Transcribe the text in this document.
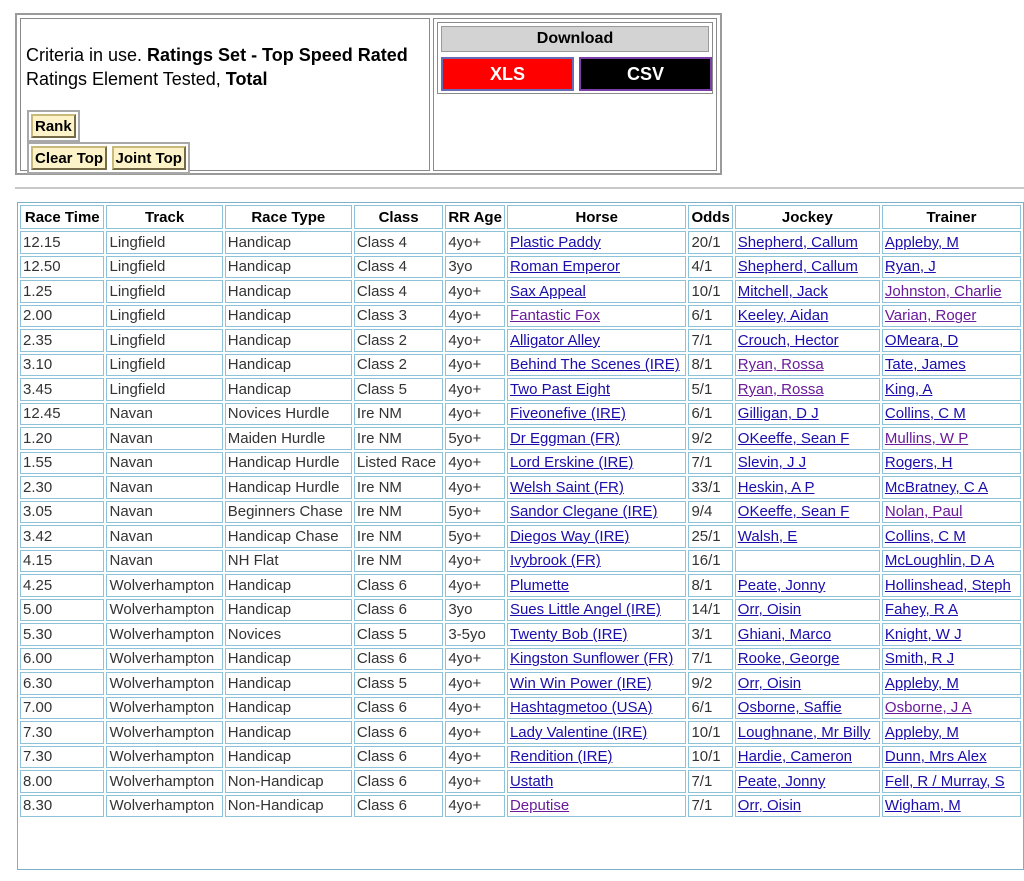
Criteria in use. Ratings Set - Top Speed Rated
Ratings Element Tested, Total
Rank
Clear Top Joint Top
Download
XLS	CSV
Race Time	Track	Race Type	Class	RR Age	Horse	Odds	Jockey	Trainer
12.15	Lingfield	Handicap	Class 4	4yo+	Plastic Paddy	20/1	Shepherd, Callum	Appleby, M
12.50	Lingfield	Handicap	Class 4	3yo	Roman Emperor	4/1	Shepherd, Callum	Ryan, J
1.25	Lingfield	Handicap	Class 4	4yo+	Sax Appeal	10/1	Mitchell, Jack	Johnston, Charlie
2.00	Lingfield	Handicap	Class 3	4yo+	Fantastic Fox	6/1	Keeley, Aidan	Varian, Roger
2.35	Lingfield	Handicap	Class 2	4yo+	Alligator Alley	7/1	Crouch, Hector	OMeara, D
3.10	Lingfield	Handicap	Class 2	4yo+	Behind The Scenes (IRE)	8/1	Ryan, Rossa	Tate, James
3.45	Lingfield	Handicap	Class 5	4yo+	Two Past Eight	5/1	Ryan, Rossa	King, A
12.45	Navan	Novices Hurdle	Ire NM	4yo+	Fiveonefive (IRE)	6/1	Gilligan, D J	Collins, C M
1.20	Navan	Maiden Hurdle	Ire NM	5yo+	Dr Eggman (FR)	9/2	OKeeffe, Sean F	Mullins, W P
1.55	Navan	Handicap Hurdle	Listed Race	4yo+	Lord Erskine (IRE)	7/1	Slevin, J J	Rogers, H
2.30	Navan	Handicap Hurdle	Ire NM	4yo+	Welsh Saint (FR)	33/1	Heskin, A P	McBratney, C A
3.05	Navan	Beginners Chase	Ire NM	5yo+	Sandor Clegane (IRE)	9/4	OKeeffe, Sean F	Nolan, Paul
3.42	Navan	Handicap Chase	Ire NM	5yo+	Diegos Way (IRE)	25/1	Walsh, E	Collins, C M
4.15	Navan	NH Flat	Ire NM	4yo+	Ivybrook (FR)	16/1		McLoughlin, D A
4.25	Wolverhampton	Handicap	Class 6	4yo+	Plumette	8/1	Peate, Jonny	Hollinshead, Steph
5.00	Wolverhampton	Handicap	Class 6	3yo	Sues Little Angel (IRE)	14/1	Orr, Oisin	Fahey, R A
5.30	Wolverhampton	Novices	Class 5	3-5yo	Twenty Bob (IRE)	3/1	Ghiani, Marco	Knight, W J
6.00	Wolverhampton	Handicap	Class 6	4yo+	Kingston Sunflower (FR)	7/1	Rooke, George	Smith, R J
6.30	Wolverhampton	Handicap	Class 5	4yo+	Win Win Power (IRE)	9/2	Orr, Oisin	Appleby, M
7.00	Wolverhampton	Handicap	Class 6	4yo+	Hashtagmetoo (USA)	6/1	Osborne, Saffie	Osborne, J A
7.30	Wolverhampton	Handicap	Class 6	4yo+	Lady Valentine (IRE)	10/1	Loughnane, Mr Billy	Appleby, M
7.30	Wolverhampton	Handicap	Class 6	4yo+	Rendition (IRE)	10/1	Hardie, Cameron	Dunn, Mrs Alex
8.00	Wolverhampton	Non-Handicap	Class 6	4yo+	Ustath	7/1	Peate, Jonny	Fell, R / Murray, S
8.30	Wolverhampton	Non-Handicap	Class 6	4yo+	Deputise	7/1	Orr, Oisin	Wigham, M
